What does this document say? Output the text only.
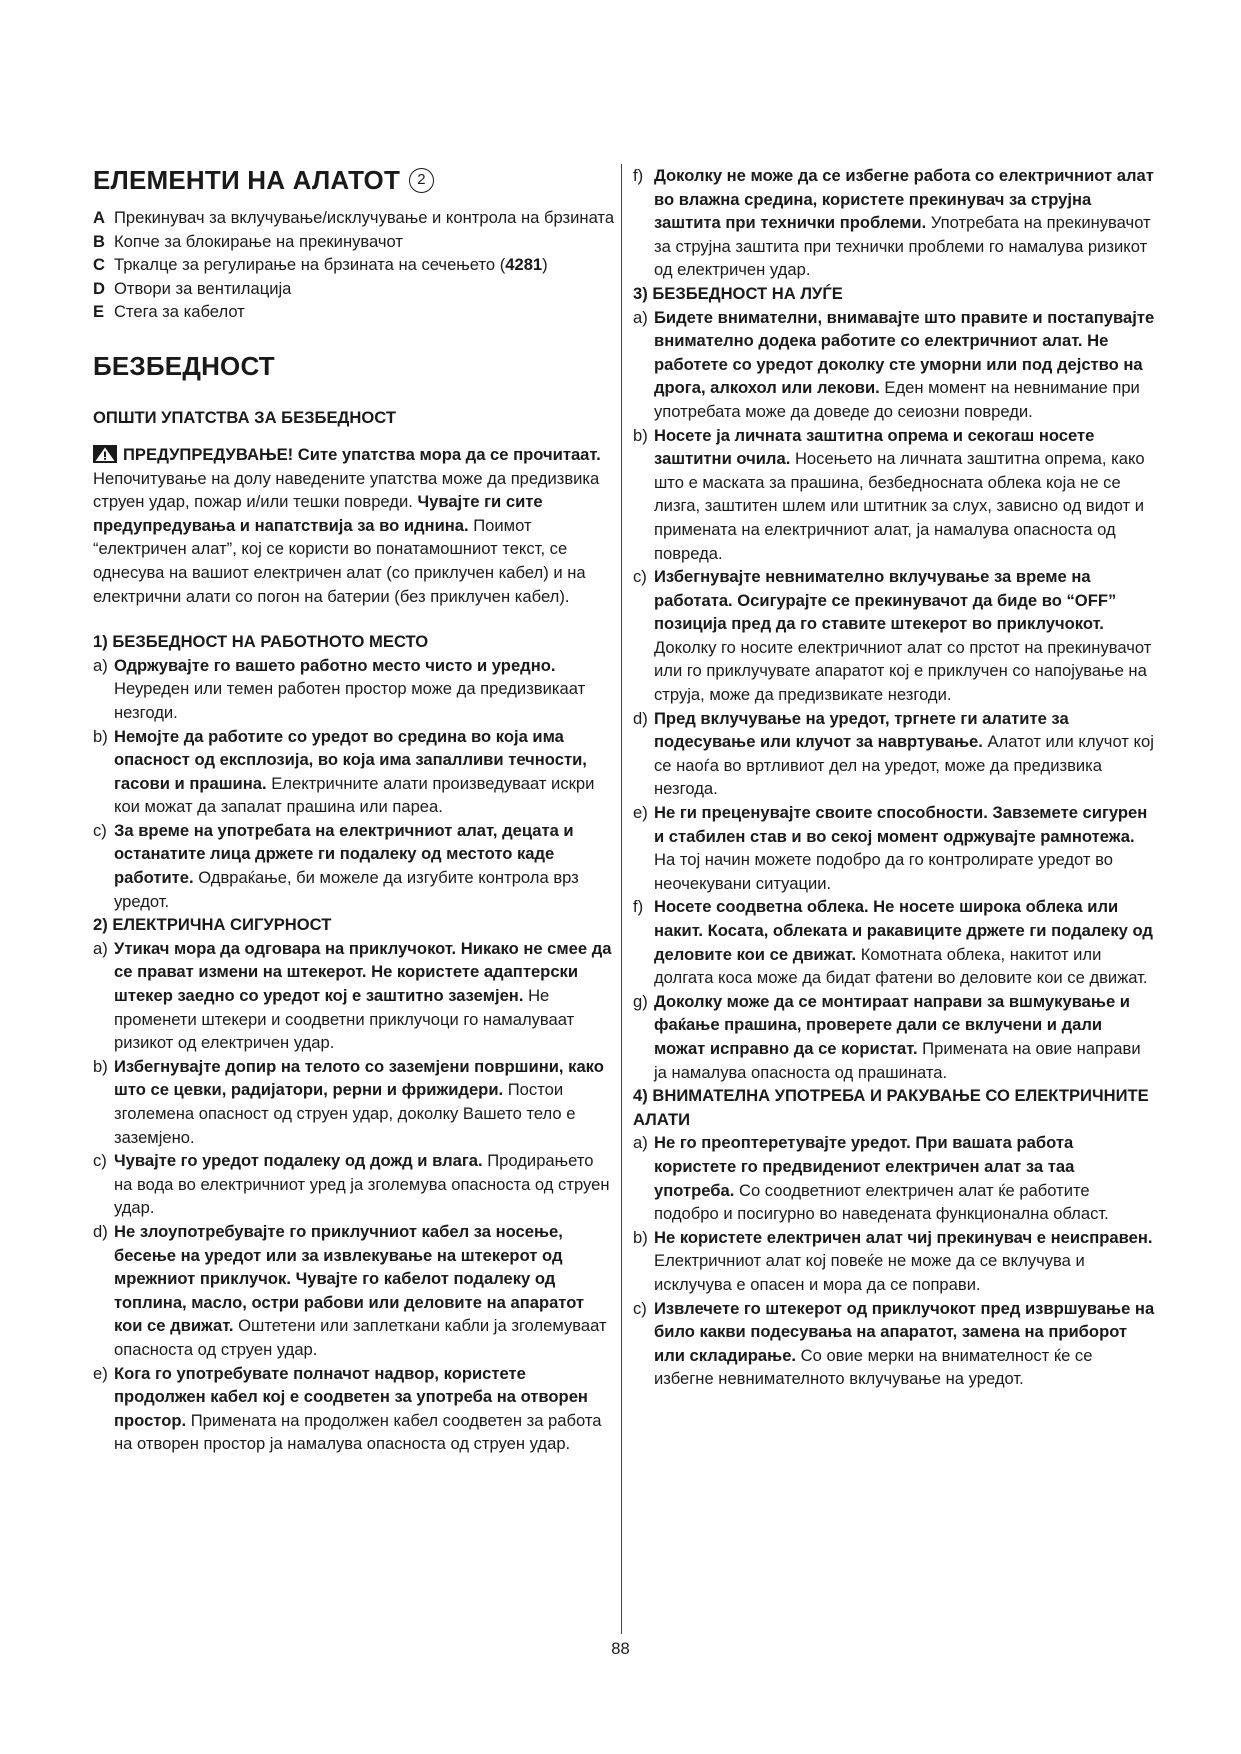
ЕЛЕМЕНТИ НА АЛАТОТ	2
A Прекинувач за вклучување/исклучување и контрола на брзината
B Копче за блокирање на прекинувачот
C Тркалце за регулирање на брзината на сечењето (4281)
D Отвори за вентилација
E Стега за кабелот
БЕЗБЕДНОСТ
ОПШТИ УПАТСТВА ЗА БЕЗБЕДНОСТ
ПРЕДУПРЕДУВАЊЕ! Сите упатства мора да се прочитаат. Непочитување на долу наведените упатства може да предизвика струен удар, пожар и/или тешки повреди. Чувајте ги сите предупредувања и напатствија за во иднина. Поимот “електричен алат”, кој се користи во понатамошниот текст, се однесува на вашиот електричен алат (со приклучен кабел) и на електрични алати со погон на батерии (без приклучен кабел).
1) БЕЗБЕДНОСТ НА РАБОТНОТО МЕСТО
a) Одржувајте го вашето работно место чисто и уредно. Неуреден или темен работен простор може да предизвикаат незгоди.
b) Немојте да работите со уредот во средина во која има опасност од експлозија, во која има запалливи течности, гасови и прашина. Електричните алати произведуваат искри кои можат да запалат прашина или пареа.
c) За време на употребата на електричниот алат, децата и останатите лица држете ги подалеку од местото каде работите. Одвраќање, би можеле да изгубите контрола врз уредот.
2) ЕЛЕКТРИЧНА СИГУРНОСТ
a) Утикач мора да одговара на приклучокот. Никако не смее да се прават измени на штекерот. Не користете адаптерски штекер заедно со уредот кој е заштитно заземјен. Не променети штекери и соодветни приклучоци го намалуваат ризикот од електричен удар.
b) Избегнувајте допир на телото со заземјени површини, како што се цевки, радијатори, рерни и фрижидери. Постои зголемена опасност од струен удар, доколку Вашето тело е заземјено.
c) Чувајте го уредот подалеку од дожд и влага. Продирањето на вода во електричниот уред ја зголемува опасноста од струен удар.
d) Не злоупотребувајте го приклучниот кабел за носење, бесење на уредот или за извлекување на штекерот од мрежниот приклучок. Чувајте го кабелот подалеку од топлина, масло, остри рабови или деловите на апаратот кои се движат. Оштетени или заплеткани кабли ја зголемуваат опасноста од струен удар.
e) Кога го употребувате полначот надвор, користете продолжен кабел кој е соодветен за употреба на отворен простор. Примената на продолжен кабел соодветен за работа на отворен простор ја намалува опасноста од струен удар.
f) Доколку не може да се избегне работа со електричниот алат во влажна средина, користете прекинувач за струјна заштита при технички проблеми. Употребата на прекинувачот за струјна заштита при технички проблеми го намалува ризикот од електричен удар.
3) БЕЗБЕДНОСТ НА ЛУЃЕ
a) Бидете внимателни, внимавајте што правите и постапувајте внимателно додека работите со електричниот алат. Не работете со уредот доколку сте уморни или под дејство на дрога, алкохол или лекови. Еден момент на невнимание при употребата може да доведе до сеиозни повреди.
b) Носете ја личната заштитна опрема и секогаш носете заштитни очила. Носењето на личната заштитна опрема, како што е маската за прашина, безбедносната облека која не се лизга, заштитен шлем или штитник за слух, зависно од видот и примената на електричниот алат, ја намалува опасноста од повреда.
c) Избегнувајте невнимателно вклучување за време на работата. Осигурајте се прекинувачот да биде во “OFF” позиција пред да го ставите штекерот во приклучокот. Доколку го носите електричниот алат со прстот на прекинувачот или го приклучувате апаратот кој е приклучен со напојување на струја, може да предизвикате незгоди.
d) Пред вклучување на уредот, тргнете ги алатите за подесување или клучот за навртување. Алатот или клучот кој се наоѓа во вртливиот дел на уредот, може да предизвика незгода.
e) Не ги преценувајте своите способности. Завземете сигурен и стабилен став и во секој момент одржувајте рамнотежа. На тој начин можете подобро да го контролирате уредот во неочекувани ситуации.
f) Носете соодветна облека. Не носете широка облека или накит. Косата, облеката и ракавиците држете ги подалеку од деловите кои се движат. Комотната облека, накитот или долгата коса може да бидат фатени во деловите кои се движат.
g) Доколку може да се монтираат направи за вшмукување и фаќање прашина, проверете дали се вклучени и дали можат исправно да се користат. Примената на овие направи ја намалува опасноста од прашината.
4) ВНИМАТЕЛНА УПОТРЕБА И РАКУВАЊЕ СО ЕЛЕКТРИЧНИТЕ АЛАТИ
a) Не го преоптеретувајте уредот. При вашата работа користете го предвидениот електричен алат за таа употреба. Со соодветниот електричен алат ќе работите подобро и посигурно во наведената функционална област.
b) Не користете електричен алат чиј прекинувач е неисправен. Електричниот алат кој повеќе не може да се вклучува и исклучува е опасен и мора да се поправи.
c) Извлечете го штекерот од приклучокот пред извршување на било какви подесувања на апаратот, замена на приборот или складирање. Со овие мерки на внимателност ќе се избегне невнимателното вклучување на уредот.
88
